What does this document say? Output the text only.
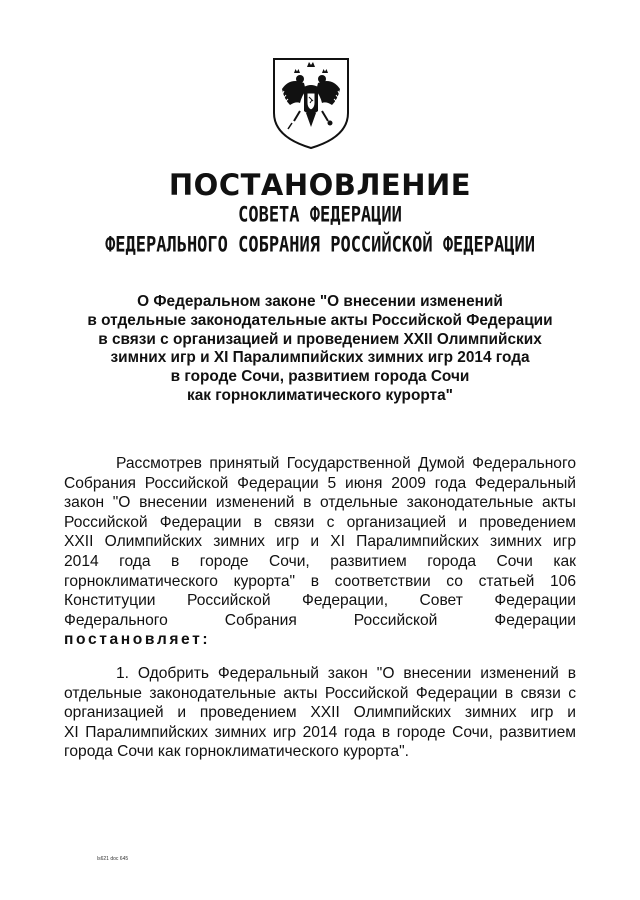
ПОСТАНОВЛЕНИЕ
СОВЕТА ФЕДЕРАЦИИ
ФЕДЕРАЛЬНОГО СОБРАНИЯ РОССИЙСКОЙ ФЕДЕРАЦИИ
О Федеральном законе "О внесении изменений
в отдельные законодательные акты Российской Федерации
в связи с организацией и проведением XXII Олимпийских
зимних игр и XI Паралимпийских зимних игр 2014 года
в городе Сочи, развитием города Сочи
как горноклиматического курорта"
Рассмотрев принятый Государственной Думой Федерального
Собрания Российской Федерации 5 июня 2009 года Федеральный
закон "О внесении изменений в отдельные законодательные акты
Российской Федерации в связи с организацией и проведением
XXII Олимпийских зимних игр и XI Паралимпийских зимних игр
2014 года в городе Сочи, развитием города Сочи как
горноклиматического курорта" в соответствии со статьей 106
Конституции Российской Федерации, Совет Федерации
Федерального Собрания Российской Федерации
постановляет:
1. Одобрить Федеральный закон "О внесении изменений в
отдельные законодательные акты Российской Федерации в связи с
организацией и проведением XXII Олимпийских зимних игр и
XI Паралимпийских зимних игр 2014 года в городе Сочи, развитием
города Сочи как горноклиматического курорта".
ls621 doc 645
